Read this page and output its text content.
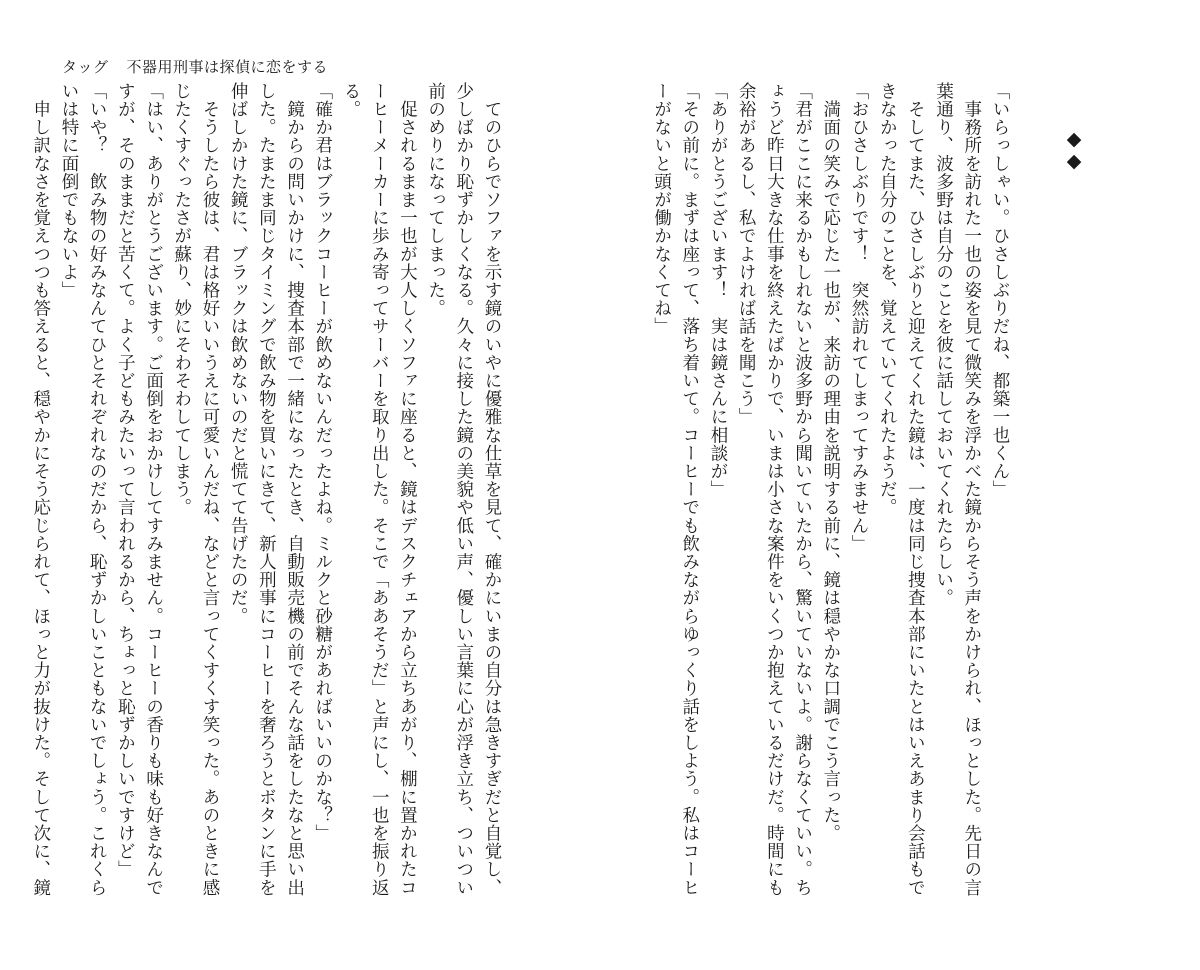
タッグ 不器用刑事は探偵に恋をする
◆
◆
「いらっしゃい。ひさしぶりだね、都築一也くん」
　事務所を訪れた一也の姿を見て微笑みを浮かべた鏡からそう声をかけられ、ほっとした。先日の言
葉通り、波多野は自分のことを彼に話しておいてくれたらしい。
　そしてまた、ひさしぶりと迎えてくれた鏡は、一度は同じ捜査本部にいたとはいえあまり会話もで
きなかった自分のことを、覚えていてくれたようだ。
「おひさしぶりです！　突然訪れてしまってすみません」
　満面の笑みで応じた一也が、来訪の理由を説明する前に、鏡は穏やかな口調でこう言った。
「君がここに来るかもしれないと波多野から聞いていたから、驚いていないよ。謝らなくていい。ち
ょうど昨日大きな仕事を終えたばかりで、いまは小さな案件をいくつか抱えているだけだ。時間にも
余裕があるし、私でよければ話を聞こう」
「ありがとうございます！　実は鏡さんに相談が」
「その前に。まずは座って、落ち着いて。コーヒーでも飲みながらゆっくり話をしよう。私はコーヒ
ーがないと頭が働かなくてね」
　てのひらでソファを示す鏡のいやに優雅な仕草を見て、確かにいまの自分は急きすぎだと自覚し、
少しばかり恥ずかしくなる。久々に接した鏡の美貌や低い声、優しい言葉に心が浮き立ち、ついつい
前のめりになってしまった。
　促されるまま一也が大人しくソファに座ると、鏡はデスクチェアから立ちあがり、棚に置かれたコ
ーヒーメーカーに歩み寄ってサーバーを取り出した。そこで「ああそうだ」と声にし、一也を振り返
る。
「確か君はブラックコーヒーが飲めないんだったよね。ミルクと砂糖があればいいのかな？」
　鏡からの問いかけに、捜査本部で一緒になったとき、自動販売機の前でそんな話をしたなと思い出
した。たまたま同じタイミングで飲み物を買いにきて、新人刑事にコーヒーを奢ろうとボタンに手を
伸ばしかけた鏡に、ブラックは飲めないのだと慌てて告げたのだ。
　そうしたら彼は、君は格好いいうえに可愛いんだね、などと言ってくすくす笑った。あのときに感
じたくすぐったさが蘇り、妙にそわそわしてしまう。
「はい、ありがとうございます。ご面倒をおかけしてすみません。コーヒーの香りも味も好きなんで
すが、そのままだと苦くて。よく子どもみたいって言われるから、ちょっと恥ずかしいですけど」
「いや？　飲み物の好みなんてひとそれぞれなのだから、恥ずかしいこともないでしょう。これくら
いは特に面倒でもないよ」
　申し訳なさを覚えつつも答えると、穏やかにそう応じられて、ほっと力が抜けた。そして次に、鏡
